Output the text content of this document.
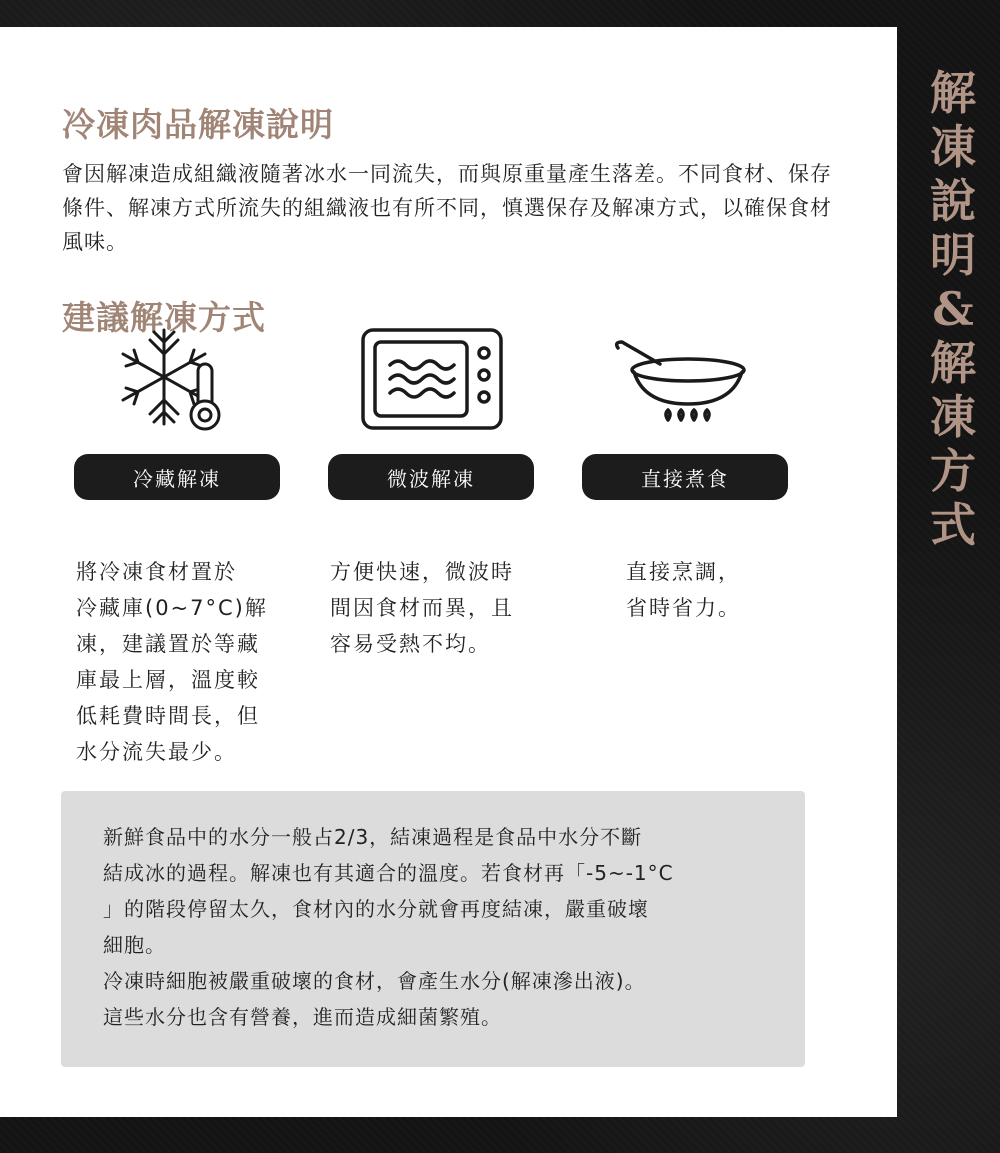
解
凍
說
明
&
解
凍
方
式
冷凍肉品解凍說明

會因解凍造成組織液隨著冰水一同流失，而與原重量產生落差。不同食材、保存條件、解凍方式所流失的組織液也有所不同，慎選保存及解凍方式，以確保食材風味。

建議解凍方式
冷藏解凍
將冷凍食材置於
冷藏庫(0~7°C)解
凍，建議置於等藏
庫最上層，溫度較
低耗費時間長，但
水分流失最少。
微波解凍
方便快速，微波時
間因食材而異，且
容易受熱不均。
直接煮食
直接烹調，
省時省力。

新鮮食品中的水分一般占2/3，結凍過程是食品中水分不斷
結成冰的過程。解凍也有其適合的溫度。若食材再「-5~-1°C
」的階段停留太久，食材內的水分就會再度結凍，嚴重破壞
細胞。
冷凍時細胞被嚴重破壞的食材，會產生水分(解凍滲出液)。
這些水分也含有營養，進而造成細菌繁殖。
